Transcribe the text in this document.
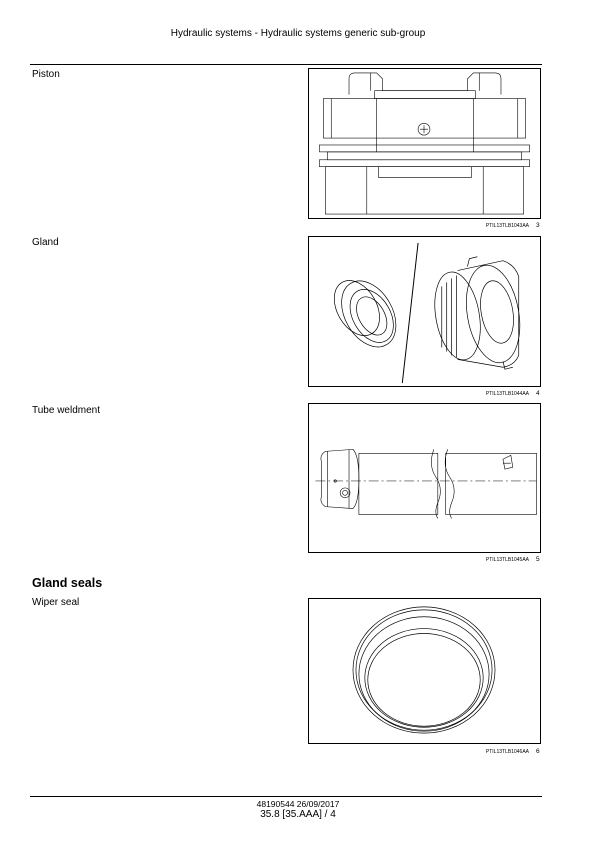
Hydraulic systems - Hydraulic systems generic sub-group
Piston
PTIL13TLB1043AA	3
Gland
PTIL13TLB1044AA	4
Tube weldment
PTIL13TLB1045AA	5
Gland seals
Wiper seal
PTIL13TLB1046AA	6
48190544 26/09/2017
35.8 [35.AAA] / 4
